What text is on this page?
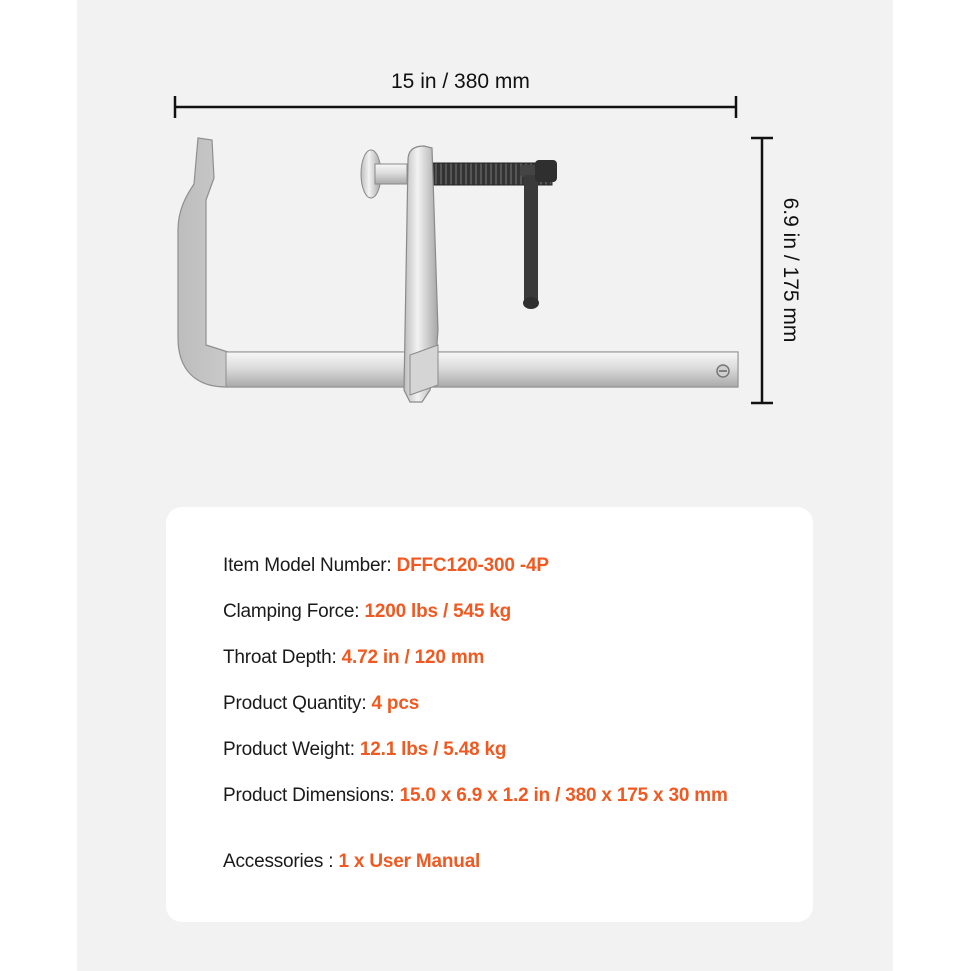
15 in / 380 mm
6.9 in / 175 mm
Item Model Number: DFFC120-300 -4P
Clamping Force: 1200 lbs / 545 kg
Throat Depth: 4.72 in / 120 mm
Product Quantity: 4 pcs
Product Weight: 12.1 lbs / 5.48 kg
Product Dimensions: 15.0 x 6.9 x 1.2 in / 380 x 175 x 30 mm
Accessories : 1 x User Manual
